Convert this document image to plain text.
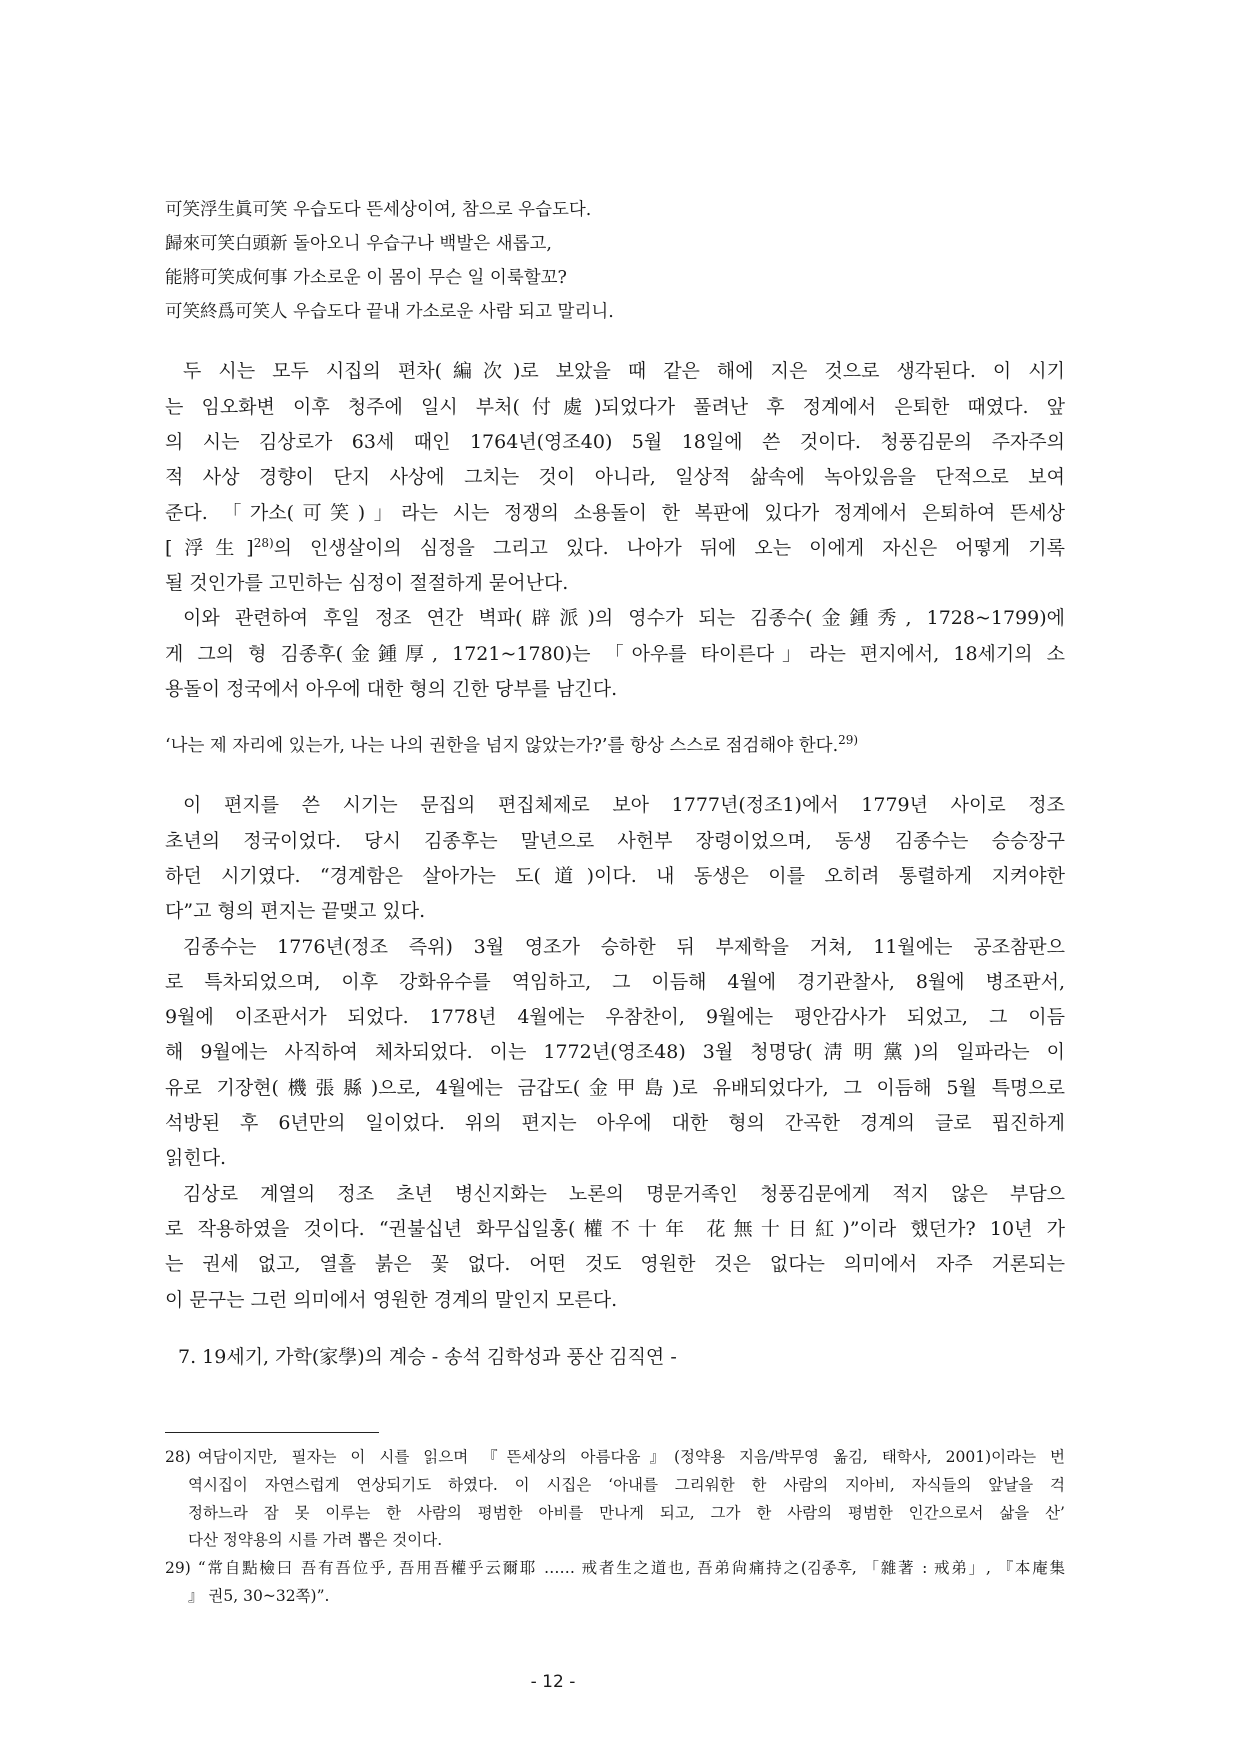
可笑浮生眞可笑 우습도다 뜬세상이여, 참으로 우습도다.
歸來可笑白頭新 돌아오니 우습구나 백발은 새롭고,
能將可笑成何事 가소로운 이 몸이 무슨 일 이룩할꼬?
可笑終爲可笑人 우습도다 끝내 가소로운 사람 되고 말리니.
두 시는 모두 시집의 편차(編次)로 보았을 때 같은 해에 지은 것으로 생각된다. 이 시기
는 임오화변 이후 청주에 일시 부처(付處)되었다가 풀려난 후 정계에서 은퇴한 때였다. 앞
의 시는 김상로가 63세 때인 1764년(영조40) 5월 18일에 쓴 것이다. 청풍김문의 주자주의
적 사상 경향이 단지 사상에 그치는 것이 아니라, 일상적 삶속에 녹아있음을 단적으로 보여
준다. 「가소(可笑)」라는 시는 정쟁의 소용돌이 한 복판에 있다가 정계에서 은퇴하여 뜬세상
[浮生]$^{28)}$의 인생살이의 심정을 그리고 있다. 나아가 뒤에 오는 이에게 자신은 어떻게 기록
될 것인가를 고민하는 심정이 절절하게 묻어난다.
이와 관련하여 후일 정조 연간 벽파(辟派)의 영수가 되는 김종수(金鍾秀, 1728~1799)에
게 그의 형 김종후(金鍾厚, 1721~1780)는 「아우를 타이른다」라는 편지에서, 18세기의 소
용돌이 정국에서 아우에 대한 형의 긴한 당부를 남긴다.
‘나는 제 자리에 있는가, 나는 나의 권한을 넘지 않았는가?’를 항상 스스로 점검해야 한다.$^{29)}$
이 편지를 쓴 시기는 문집의 편집체제로 보아 1777년(정조1)에서 1779년 사이로 정조
초년의 정국이었다. 당시 김종후는 말년으로 사헌부 장령이었으며, 동생 김종수는 승승장구
하던 시기였다. “경계함은 살아가는 도(道)이다. 내 동생은 이를 오히려 통렬하게 지켜야한
다”고 형의 편지는 끝맺고 있다.
김종수는 1776년(정조 즉위) 3월 영조가 승하한 뒤 부제학을 거쳐, 11월에는 공조참판으
로 특차되었으며, 이후 강화유수를 역임하고, 그 이듬해 4월에 경기관찰사, 8월에 병조판서,
9월에 이조판서가 되었다. 1778년 4월에는 우참찬이, 9월에는 평안감사가 되었고, 그 이듬
해 9월에는 사직하여 체차되었다. 이는 1772년(영조48) 3월 청명당(淸明黨)의 일파라는 이
유로 기장현(機張縣)으로, 4월에는 금갑도(金甲島)로 유배되었다가, 그 이듬해 5월 특명으로
석방된 후 6년만의 일이었다. 위의 편지는 아우에 대한 형의 간곡한 경계의 글로 핍진하게
읽힌다.
김상로 계열의 정조 초년 병신지화는 노론의 명문거족인 청풍김문에게 적지 않은 부담으
로 작용하였을 것이다. “권불십년 화무십일홍(權不十年 花無十日紅)”이라 했던가? 10년 가
는 권세 없고, 열흘 붉은 꽃 없다. 어떤 것도 영원한 것은 없다는 의미에서 자주 거론되는
이 문구는 그런 의미에서 영원한 경계의 말인지 모른다.
7. 19세기, 가학(家學)의 계승 - 송석 김학성과 풍산 김직연 -
28) 여담이지만, 필자는 이 시를 읽으며 『뜬세상의 아름다움』(정약용 지음/박무영 옮김, 태학사, 2001)이라는 번
역시집이 자연스럽게 연상되기도 하였다. 이 시집은 ‘아내를 그리워한 한 사람의 지아비, 자식들의 앞날을 걱
정하느라 잠 못 이루는 한 사람의 평범한 아비를 만나게 되고, 그가 한 사람의 평범한 인간으로서 삶을 산’
다산 정약용의 시를 가려 뽑은 것이다.
29) “常自點檢曰 吾有吾位乎, 吾用吾權乎云爾耶 …… 戒者生之道也, 吾弟尙痛持之(김종후, 「雜著 : 戒弟」, 『本庵集
』 권5, 30~32쪽)”.
- 12 -
